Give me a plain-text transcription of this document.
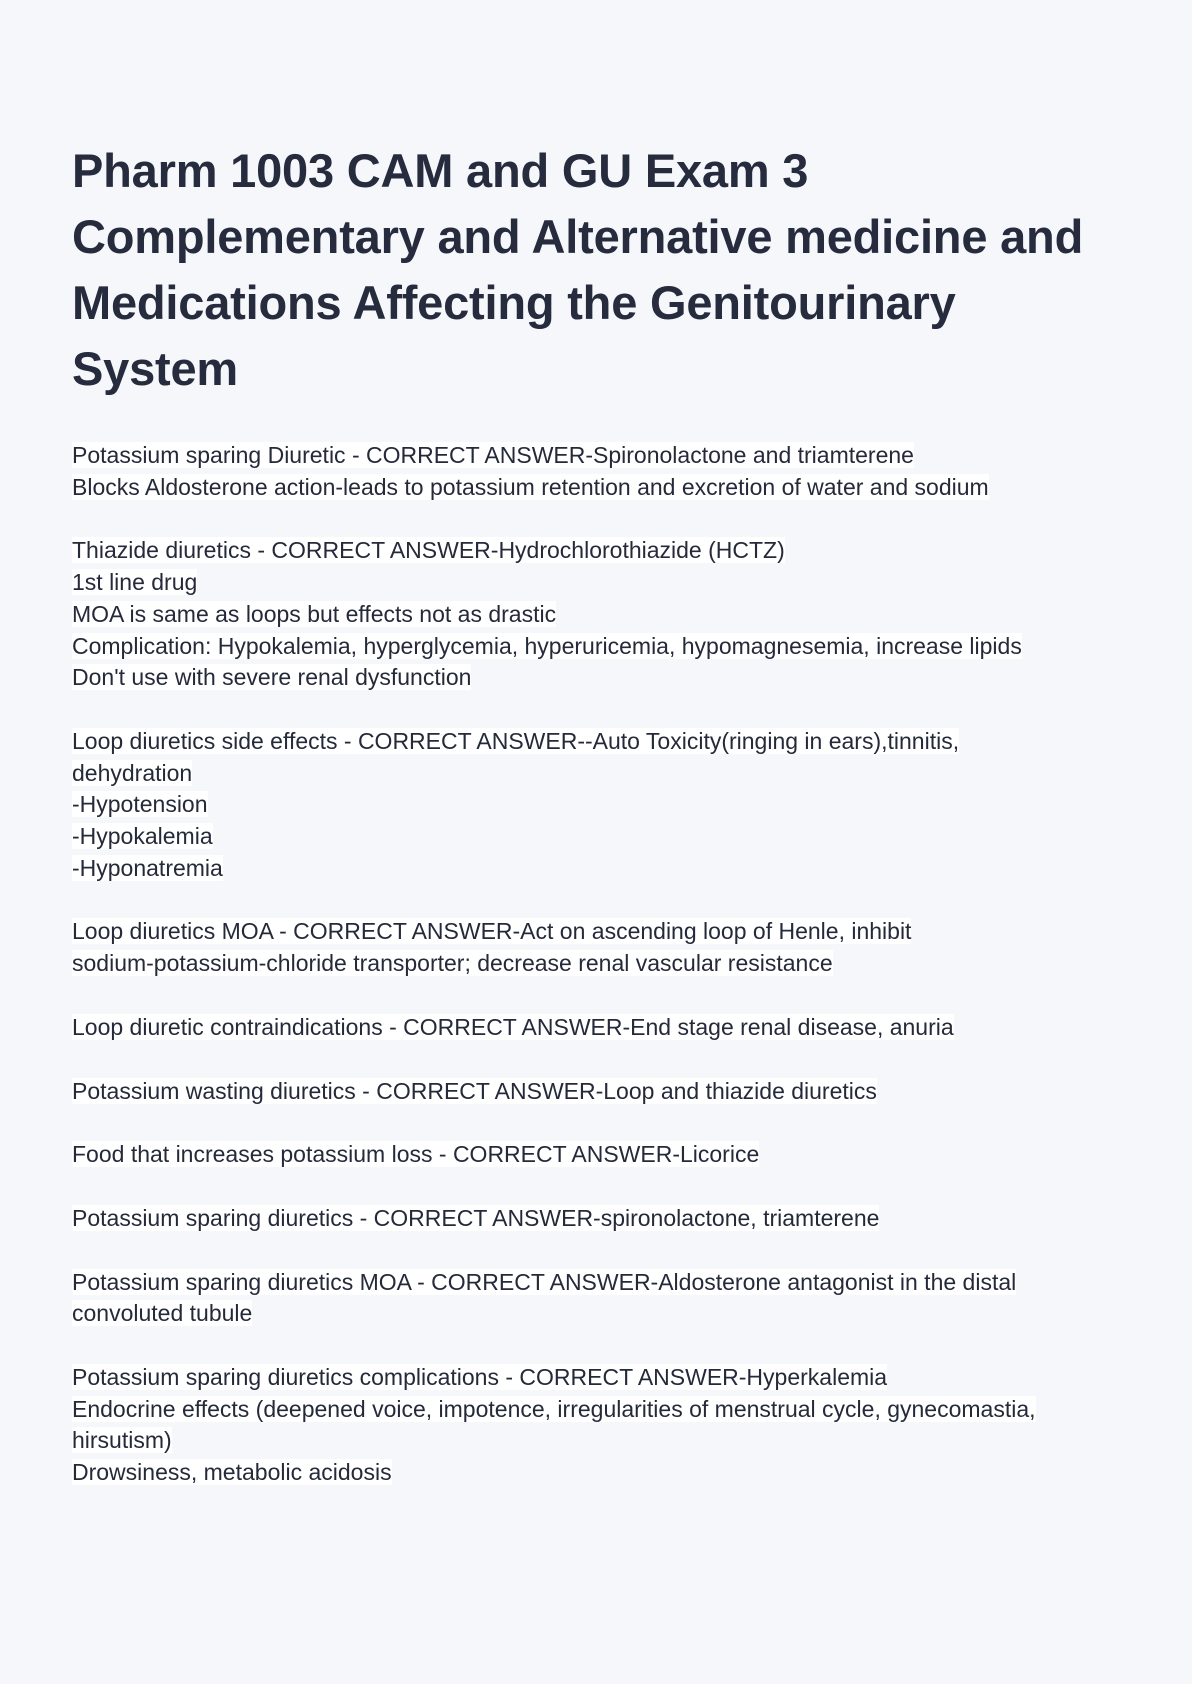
Pharm 1003 CAM and GU Exam 3 Complementary and Alternative medicine and Medications Affecting the Genitourinary System
Potassium sparing Diuretic - CORRECT ANSWER-Spironolactone and triamterene
Blocks Aldosterone action-leads to potassium retention and excretion of water and sodium
Thiazide diuretics - CORRECT ANSWER-Hydrochlorothiazide (HCTZ)
1st line drug
MOA is same as loops but effects not as drastic
Complication: Hypokalemia, hyperglycemia, hyperuricemia, hypomagnesemia, increase lipids
Don't use with severe renal dysfunction
Loop diuretics side effects - CORRECT ANSWER--Auto Toxicity(ringing in ears),tinnitis,
dehydration
-Hypotension
-Hypokalemia
-Hyponatremia
Loop diuretics MOA - CORRECT ANSWER-Act on ascending loop of Henle, inhibit
sodium-potassium-chloride transporter; decrease renal vascular resistance
Loop diuretic contraindications - CORRECT ANSWER-End stage renal disease, anuria
Potassium wasting diuretics - CORRECT ANSWER-Loop and thiazide diuretics
Food that increases potassium loss - CORRECT ANSWER-Licorice
Potassium sparing diuretics - CORRECT ANSWER-spironolactone, triamterene
Potassium sparing diuretics MOA - CORRECT ANSWER-Aldosterone antagonist in the distal
convoluted tubule
Potassium sparing diuretics complications - CORRECT ANSWER-Hyperkalemia
Endocrine effects (deepened voice, impotence, irregularities of menstrual cycle, gynecomastia,
hirsutism)
Drowsiness, metabolic acidosis
